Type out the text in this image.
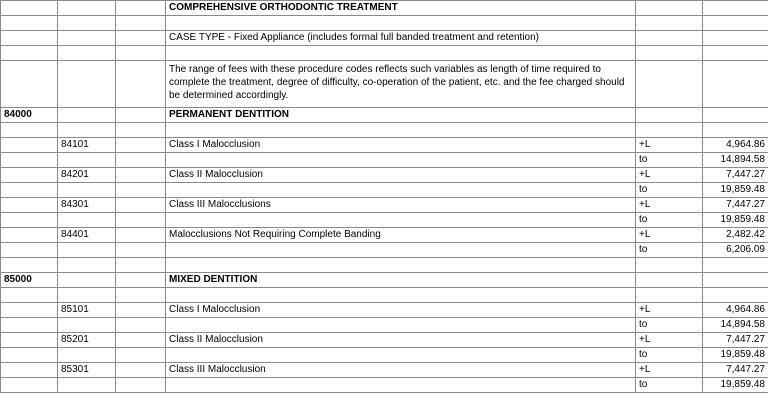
			COMPREHENSIVE ORTHODONTIC TREATMENT		

			CASE TYPE - Fixed Appliance (includes formal full banded treatment and retention)		

			The range of fees with these procedure codes reflects such variables as length of time required to complete the treatment, degree of difficulty, co-operation of the patient, etc. and the fee charged should be determined accordingly.		
84000			PERMANENT DENTITION		

	84101		Class I Malocclusion	+L	4,964.86
				to	14,894.58
	84201		Class II Malocclusion	+L	7,447.27
				to	19,859.48
	84301		Class III Malocclusions	+L	7,447.27
				to	19,859.48
	84401		Malocclusions Not Requiring Complete Banding	+L	2,482.42
				to	6,206.09

85000			MIXED DENTITION		

	85101		Class I Malocclusion	+L	4,964.86
				to	14,894.58
	85201		Class II Malocclusion	+L	7,447.27
				to	19,859.48
	85301		Class III Malocclusion	+L	7,447.27
				to	19,859.48
